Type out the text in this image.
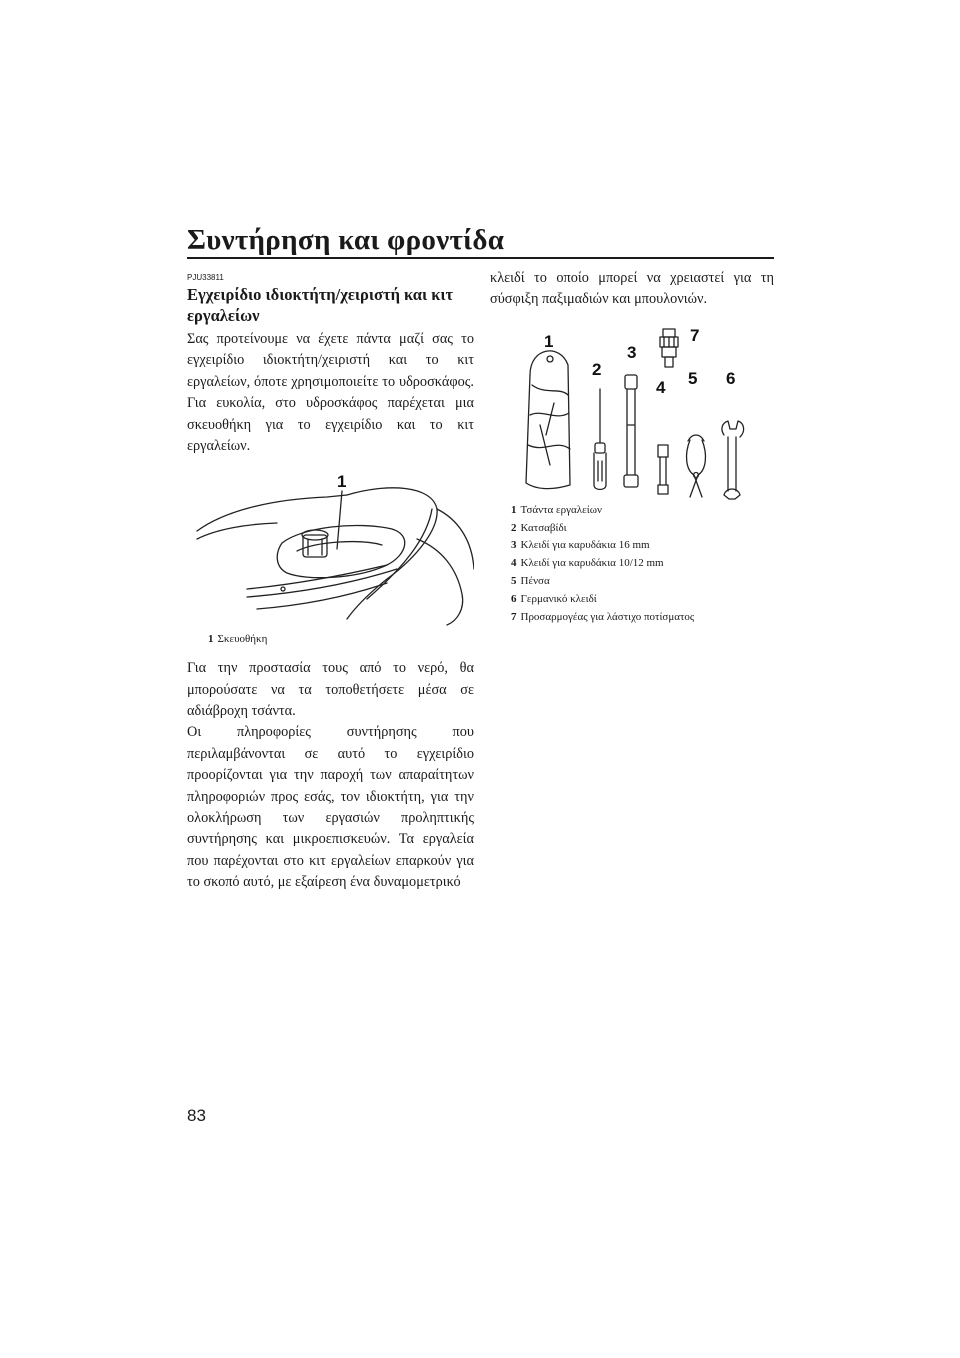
Συντήρηση και φροντίδα

PJU33811

Εγχειρίδιο ιδιοκτήτη/χειριστή και κιτ εργαλείων

Σας προτείνουμε να έχετε πάντα μαζί σας το εγχειρίδιο ιδιοκτήτη/χειριστή και το κιτ εργαλείων, όποτε χρησιμοποιείτε το υδροσκάφος. Για ευκολία, στο υδροσκάφος παρέχεται μια σκευοθήκη για το εγχειρίδιο και το κιτ εργαλείων.

1
1 Σκευοθήκη

Για την προστασία τους από το νερό, θα μπορούσατε να τα τοποθετήσετε μέσα σε αδιάβροχη τσάντα.

Οι πληροφορίες συντήρησης που περιλαμβάνονται σε αυτό το εγχειρίδιο προορίζονται για την παροχή των απαραίτητων πληροφοριών προς εσάς, τον ιδιοκτήτη, για την ολοκλήρωση των εργασιών προληπτικής συντήρησης και μικροεπισκευών. Τα εργαλεία που παρέχονται στο κιτ εργαλείων επαρκούν για το σκοπό αυτό, με εξαίρεση ένα δυναμομετρικό

κλειδί το οποίο μπορεί να χρειαστεί για τη σύσφιξη παξιμαδιών και μπουλονιών.

1
2
3
4 5 6
7
1 Τσάντα εργαλείων
2 Κατσαβίδι
3 Κλειδί για καρυδάκια 16 mm
4 Κλειδί για καρυδάκια 10/12 mm
5 Πένσα
6 Γερμανικό κλειδί
7 Προσαρμογέας για λάστιχο ποτίσματος

83
